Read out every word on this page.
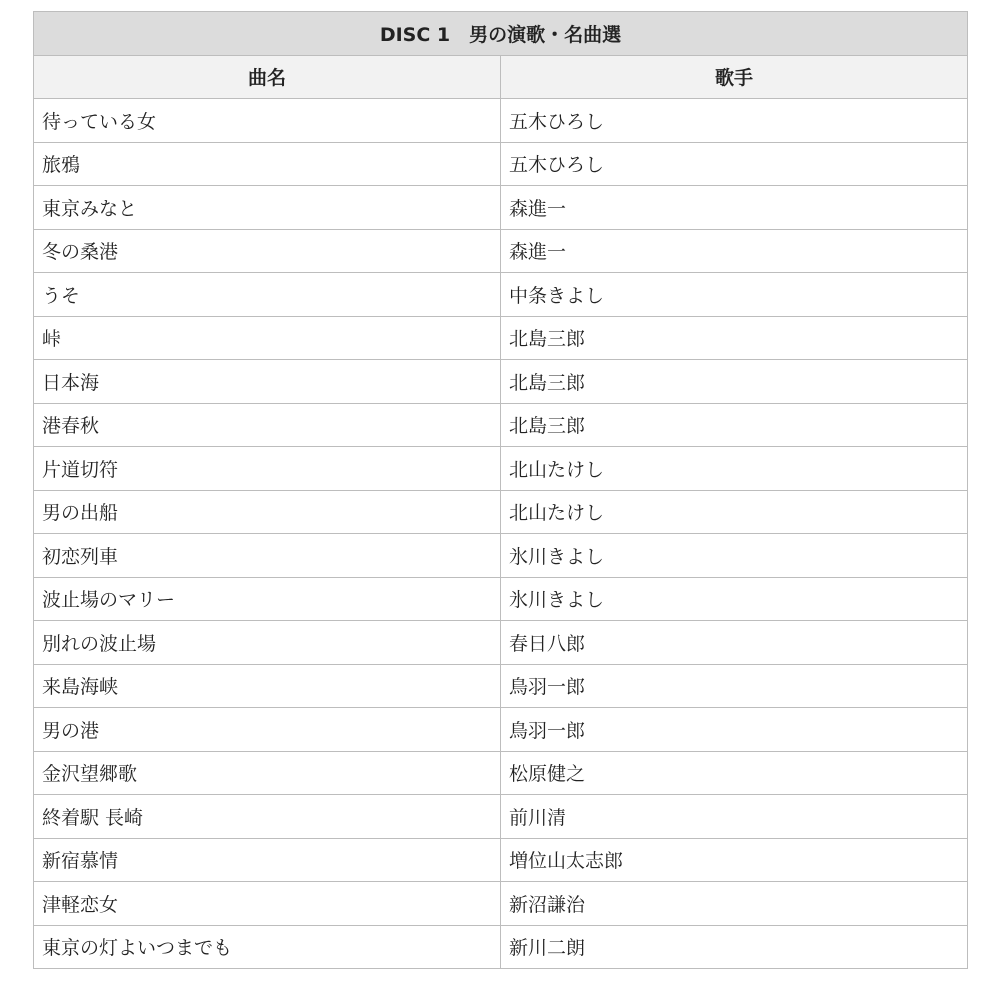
DISC 1　男の演歌・名曲選	
曲名	歌手
待っている女	五木ひろし
旅鴉	五木ひろし
東京みなと	森進一
冬の桑港	森進一
うそ	中条きよし
峠	北島三郎
日本海	北島三郎
港春秋	北島三郎
片道切符	北山たけし
男の出船	北山たけし
初恋列車	氷川きよし
波止場のマリー	氷川きよし
別れの波止場	春日八郎
来島海峡	鳥羽一郎
男の港	鳥羽一郎
金沢望郷歌	松原健之
終着駅 長崎	前川清
新宿慕情	増位山太志郎
津軽恋女	新沼謙治
東京の灯よいつまでも	新川二朗
